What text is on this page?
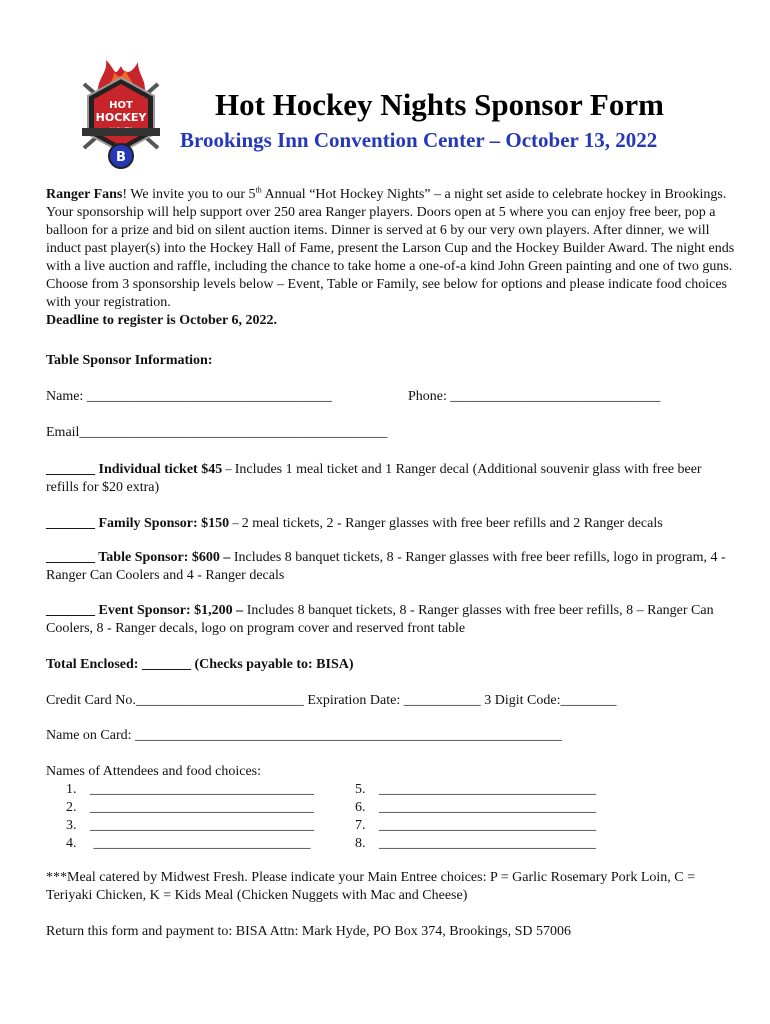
HOT
HOCKEY
B
Hot Hockey Nights Sponsor Form
Brookings Inn Convention Center – October 13, 2022
Ranger Fans! We invite you to our 5th Annual “Hot Hockey Nights” – a night set aside to celebrate hockey in Brookings. Your sponsorship will help support over 250 area Ranger players. Doors open at 5 where you can enjoy free beer, pop a balloon for a prize and bid on silent auction items. Dinner is served at 6 by our very own players. After dinner, we will induct past player(s) into the Hockey Hall of Fame, present the Larson Cup and the Hockey Builder Award. The night ends with a live auction and raffle, including the chance to take home a one-of-a kind John Green painting and one of two guns. Choose from 3 sponsorship levels below – Event, Table or Family, see below for options and please indicate food choices with your registration.
Deadline to register is October 6, 2022.
Table Sponsor Information:
Name: ___________________________________	Phone: ______________________________
Email____________________________________________
_______ Individual ticket $45 – Includes 1 meal ticket and 1 Ranger decal (Additional souvenir glass with free beer refills for $20 extra)
_______ Family Sponsor: $150 – 2 meal tickets, 2 - Ranger glasses with free beer refills and 2 Ranger decals
_______ Table Sponsor: $600 – Includes 8 banquet tickets, 8 - Ranger glasses with free beer refills, logo in program, 4 - Ranger Can Coolers and 4 - Ranger decals
_______ Event Sponsor: $1,200 – Includes 8 banquet tickets, 8 - Ranger glasses with free beer refills, 8 – Ranger Can Coolers, 8 - Ranger decals, logo on program cover and reserved front table
Total Enclosed: _______ (Checks payable to: BISA)
Credit Card No.________________________ Expiration Date: ___________ 3 Digit Code:________
Name on Card: _____________________________________________________________
Names of Attendees and food choices:
1. ________________________________
2. ________________________________
3. ________________________________
4. _______________________________
5. _______________________________
6. _______________________________
7. _______________________________
8. _______________________________
***Meal catered by Midwest Fresh. Please indicate your Main Entree choices: P = Garlic Rosemary Pork Loin, C = Teriyaki Chicken, K = Kids Meal (Chicken Nuggets with Mac and Cheese)
Return this form and payment to: BISA Attn: Mark Hyde, PO Box 374, Brookings, SD 57006
